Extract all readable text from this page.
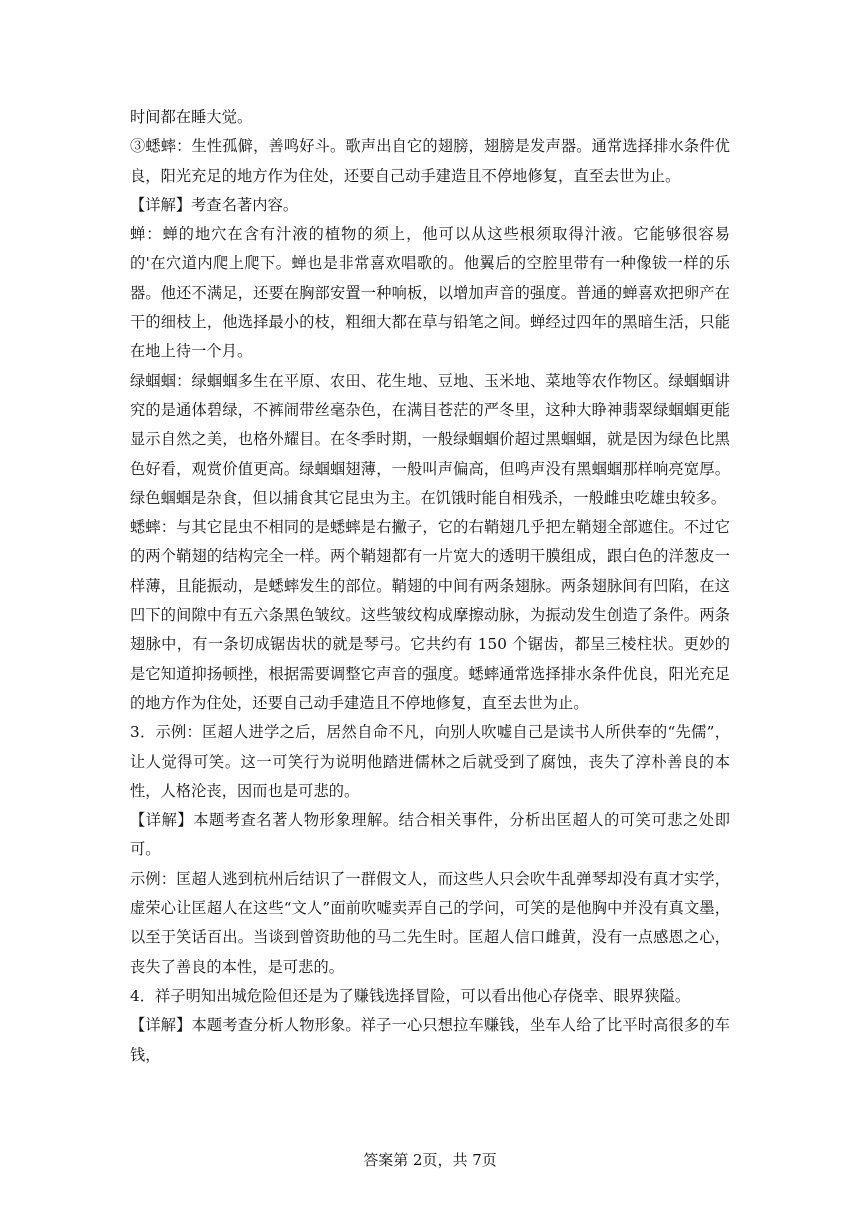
时间都在睡大觉。

③蟋蟀：生性孤僻，善鸣好斗。歌声出自它的翅膀，翅膀是发声器。通常选择排水条件优良，阳光充足的地方作为住处，还要自己动手建造且不停地修复，直至去世为止。

【详解】考查名著内容。

蝉：蝉的地穴在含有汁液的植物的须上，他可以从这些根须取得汁液。它能够很容易的'在穴道内爬上爬下。蝉也是非常喜欢唱歌的。他翼后的空腔里带有一种像钹一样的乐器。他还不满足，还要在胸部安置一种响板，以增加声音的强度。普通的蝉喜欢把卵产在干的细枝上，他选择最小的枝，粗细大都在草与铅笔之间。蝉经过四年的黑暗生活，只能在地上待一个月。

绿蝈蝈：绿蝈蝈多生在平原、农田、花生地、豆地、玉米地、菜地等农作物区。绿蝈蝈讲究的是通体碧绿，不裤闹带丝毫杂色，在满目苍茫的严冬里，这种大睁神翡翠绿蝈蝈更能显示自然之美，也格外耀目。在冬季时期，一般绿蝈蝈价超过黑蝈蝈，就是因为绿色比黑色好看，观赏价值更高。绿蝈蝈翅薄，一般叫声偏高，但鸣声没有黑蝈蝈那样响亮宽厚。绿色蝈蝈是杂食，但以捕食其它昆虫为主。在饥饿时能自相残杀，一般雌虫吃雄虫较多。

蟋蟀：与其它昆虫不相同的是蟋蟀是右撇子，它的右鞘翅几乎把左鞘翅全部遮住。不过它的两个鞘翅的结构完全一样。两个鞘翅都有一片宽大的透明干膜组成，跟白色的洋葱皮一样薄，且能振动，是蟋蟀发生的部位。鞘翅的中间有两条翅脉。两条翅脉间有凹陷，在这凹下的间隙中有五六条黑色皱纹。这些皱纹构成摩擦动脉，为振动发生创造了条件。两条翅脉中，有一条切成锯齿状的就是琴弓。它共约有 150 个锯齿，都呈三棱柱状。更妙的是它知道抑扬顿挫，根据需要调整它声音的强度。蟋蟀通常选择排水条件优良，阳光充足的地方作为住处，还要自己动手建造且不停地修复，直至去世为止。

3．示例：匡超人进学之后，居然自命不凡，向别人吹嘘自己是读书人所供奉的“先儒”，让人觉得可笑。这一可笑行为说明他踏进儒林之后就受到了腐蚀，丧失了淳朴善良的本性，人格沦丧，因而也是可悲的。

【详解】本题考查名著人物形象理解。结合相关事件，分析出匡超人的可笑可悲之处即可。

示例：匡超人逃到杭州后结识了一群假文人，而这些人只会吹牛乱弹琴却没有真才实学，虚荣心让匡超人在这些“文人”面前吹嘘卖弄自己的学问，可笑的是他胸中并没有真文墨，以至于笑话百出。当谈到曾资助他的马二先生时。匡超人信口雌黄，没有一点感恩之心，丧失了善良的本性，是可悲的。

4．祥子明知出城危险但还是为了赚钱选择冒险，可以看出他心存侥幸、眼界狭隘。

【详解】本题考查分析人物形象。祥子一心只想拉车赚钱，坐车人给了比平时高很多的车钱，

答案第 2页，共 7页
